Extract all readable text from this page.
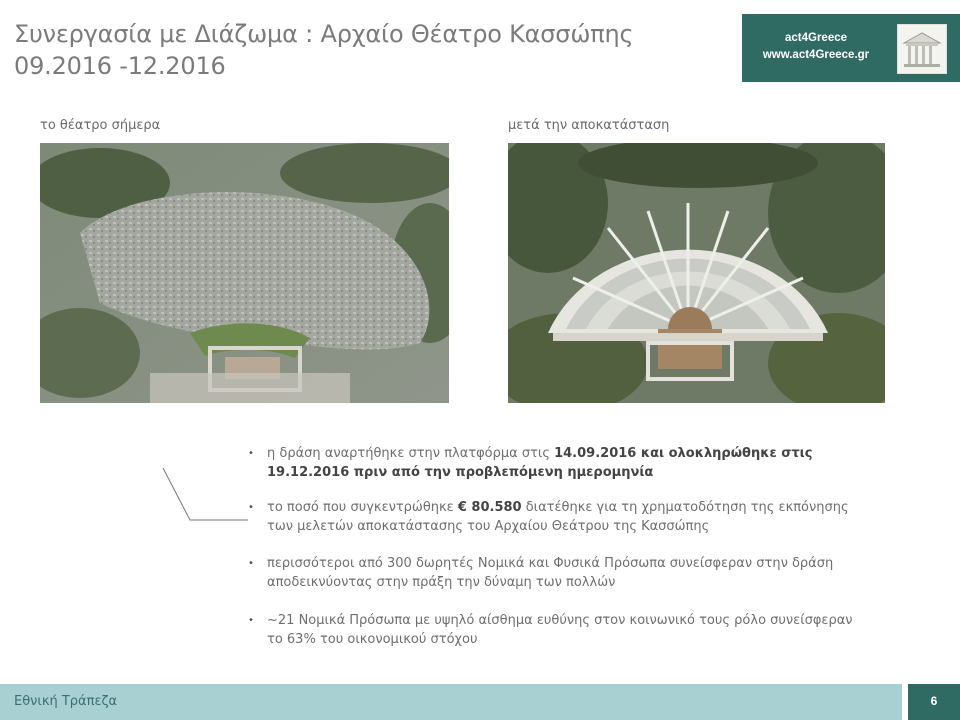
Συνεργασία με Διάζωμα : Αρχαίο Θέατρο Κασσώπης
09.2016 -12.2016
act4Greece
www.act4Greece.gr
το θέατρο σήμερα	μετά την αποκατάσταση
•	η δράση αναρτήθηκε στην πλατφόρμα στις 14.09.2016 και ολοκληρώθηκε στις 19.12.2016 πριν από την προβλεπόμενη ημερομηνία
•	το ποσό που συγκεντρώθηκε € 80.580 διατέθηκε για τη χρηματοδότηση της εκπόνησης των μελετών αποκατάστασης του Αρχαίου Θεάτρου της Κασσώπης
•	περισσότεροι από 300 δωρητές Νομικά και Φυσικά Πρόσωπα συνείσφεραν στην δράση αποδεικνύοντας στην πράξη την δύναμη των πολλών
•	~21 Νομικά Πρόσωπα με υψηλό αίσθημα ευθύνης στον κοινωνικό τους ρόλο συνείσφεραν το 63% του οικονομικού στόχου
Εθνική Τράπεζα	6
